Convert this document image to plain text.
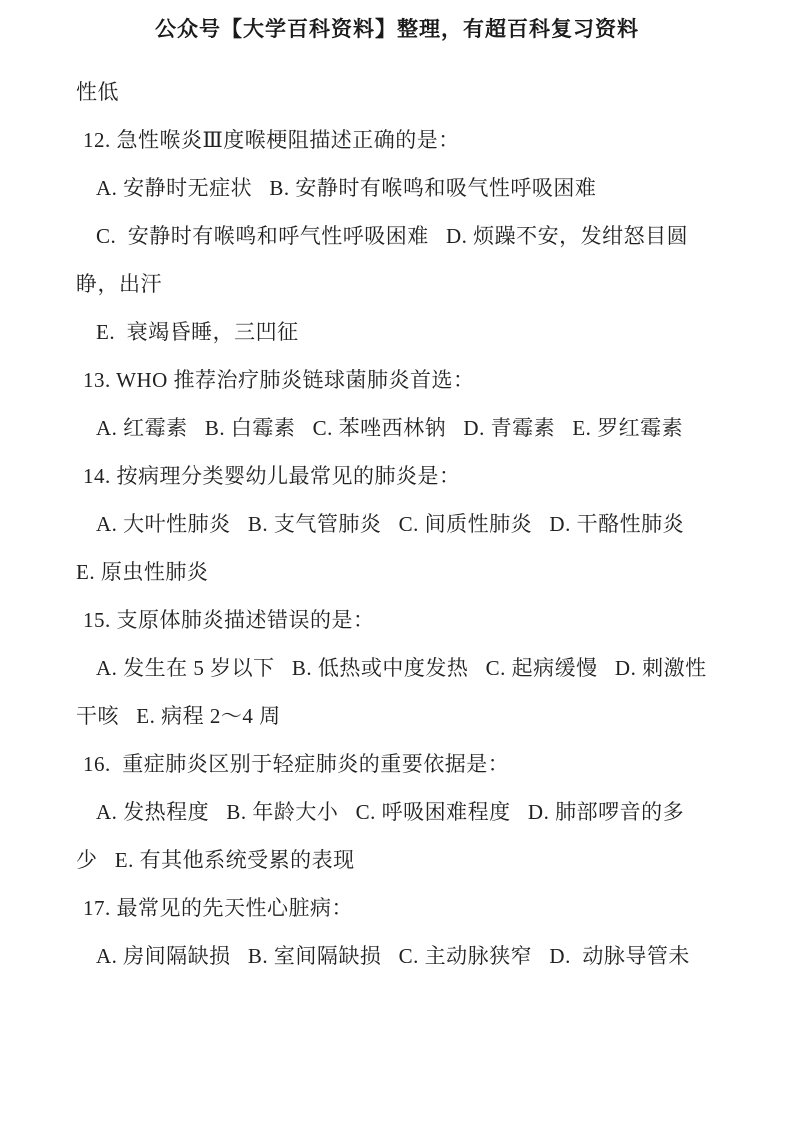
公众号【大学百科资料】整理，有超百科复习资料
性低
12. 急性喉炎Ⅲ度喉梗阻描述正确的是：
A. 安静时无症状   B. 安静时有喉鸣和吸气性呼吸困难
C.  安静时有喉鸣和呼气性呼吸困难   D. 烦躁不安，发绀怒目圆
睁，出汗
E.  衰竭昏睡，三凹征
13. WHO 推荐治疗肺炎链球菌肺炎首选：
A. 红霉素   B. 白霉素   C. 苯唑西林钠   D. 青霉素   E. 罗红霉素
14. 按病理分类婴幼儿最常见的肺炎是：
A. 大叶性肺炎   B. 支气管肺炎   C. 间质性肺炎   D. 干酪性肺炎
E. 原虫性肺炎
15. 支原体肺炎描述错误的是：
A. 发生在 5 岁以下   B. 低热或中度发热   C. 起病缓慢   D. 刺激性
干咳   E. 病程 2～4 周
16.  重症肺炎区别于轻症肺炎的重要依据是：
A. 发热程度   B. 年龄大小   C. 呼吸困难程度   D. 肺部啰音的多
少   E. 有其他系统受累的表现
17. 最常见的先天性心脏病：
A. 房间隔缺损   B. 室间隔缺损   C. 主动脉狭窄   D.  动脉导管未
